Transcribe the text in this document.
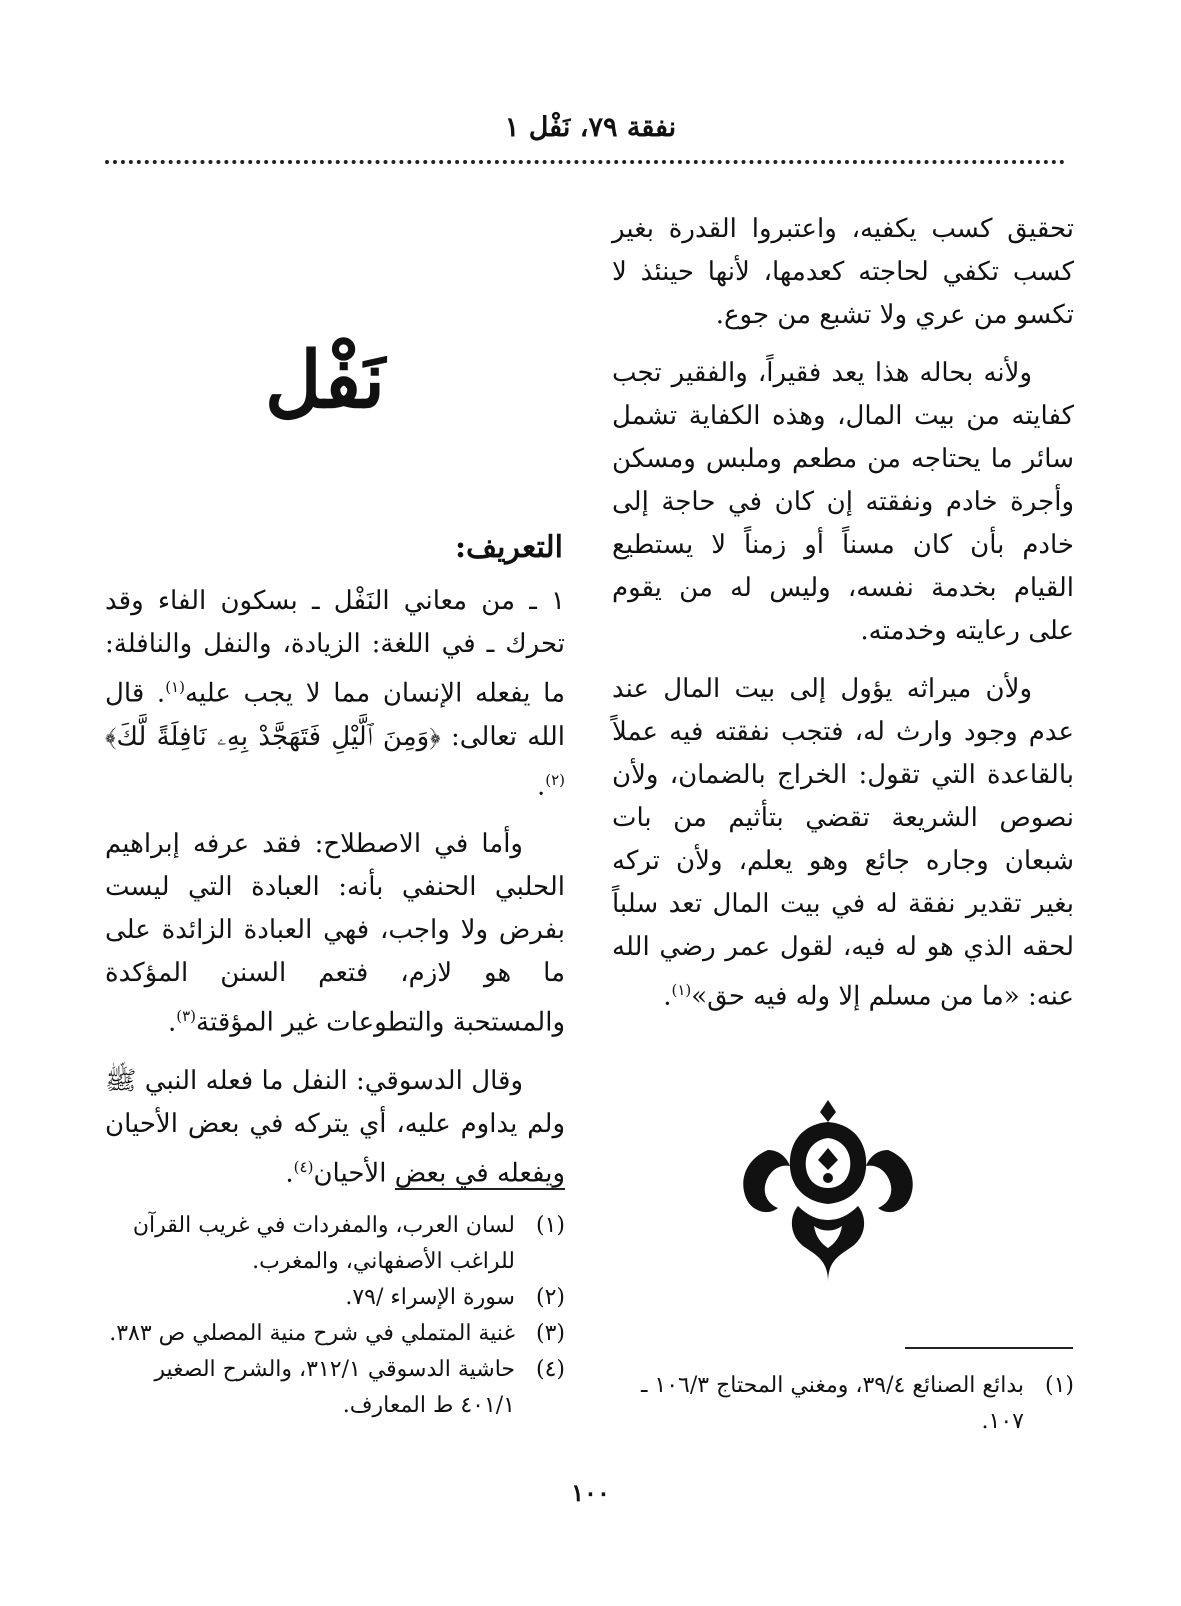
نفقة ٧٩، نَفْل ١

تحقيق كسب يكفيه، واعتبروا القدرة بغير كسب تكفي لحاجته كعدمها، لأنها حينئذ لا تكسو من عري ولا تشبع من جوع.

ولأنه بحاله هذا يعد فقيراً، والفقير تجب كفايته من بيت المال، وهذه الكفاية تشمل سائر ما يحتاجه من مطعم وملبس ومسكن وأجرة خادم ونفقته إن كان في حاجة إلى خادم بأن كان مسناً أو زمناً لا يستطيع القيام بخدمة نفسه، وليس له من يقوم على رعايته وخدمته.

ولأن ميراثه يؤول إلى بيت المال عند عدم وجود وارث له، فتجب نفقته فيه عملاً بالقاعدة التي تقول: الخراج بالضمان، ولأن نصوص الشريعة تقضي بتأثيم من بات شبعان وجاره جائع وهو يعلم، ولأن تركه بغير تقدير نفقة له في بيت المال تعد سلباً لحقه الذي هو له فيه، لقول عمر رضي الله عنه: «ما من مسلم إلا وله فيه حق»$^{(١)}$.

(١)
بدائع الصنائع ٣٩/٤، ومغني المحتاج ١٠٦/٣ ـ ١٠٧.
نَفْل
التعريف:

١ ـ من معاني النَفْل ـ بسكون الفاء وقد تحرك ـ في اللغة: الزيادة، والنفل والنافلة: ما يفعله الإنسان مما لا يجب عليه$^{(١)}$. قال الله تعالى: ﴿وَمِنَ ٱلَّيْلِ فَتَهَجَّدْ بِهِۦ نَافِلَةً لَّكَ﴾$^{(٢)}$.

وأما في الاصطلاح: فقد عرفه إبراهيم الحلبي الحنفي بأنه: العبادة التي ليست بفرض ولا واجب، فهي العبادة الزائدة على ما هو لازم، فتعم السنن المؤكدة والمستحبة والتطوعات غير المؤقتة$^{(٣)}$.

وقال الدسوقي: النفل ما فعله النبي ﷺ ولم يداوم عليه، أي يتركه في بعض الأحيان ويفعله في بعض الأحيان$^{(٤)}$.

(١)
لسان العرب، والمفردات في غريب القرآن للراغب الأصفهاني، والمغرب.
(٢)
سورة الإسراء /٧٩.
(٣)
غنية المتملي في شرح منية المصلي ص ٣٨٣.
(٤)
حاشية الدسوقي ٣١٢/١، والشرح الصغير ٤٠١/١ ط المعارف.
١٠٠
